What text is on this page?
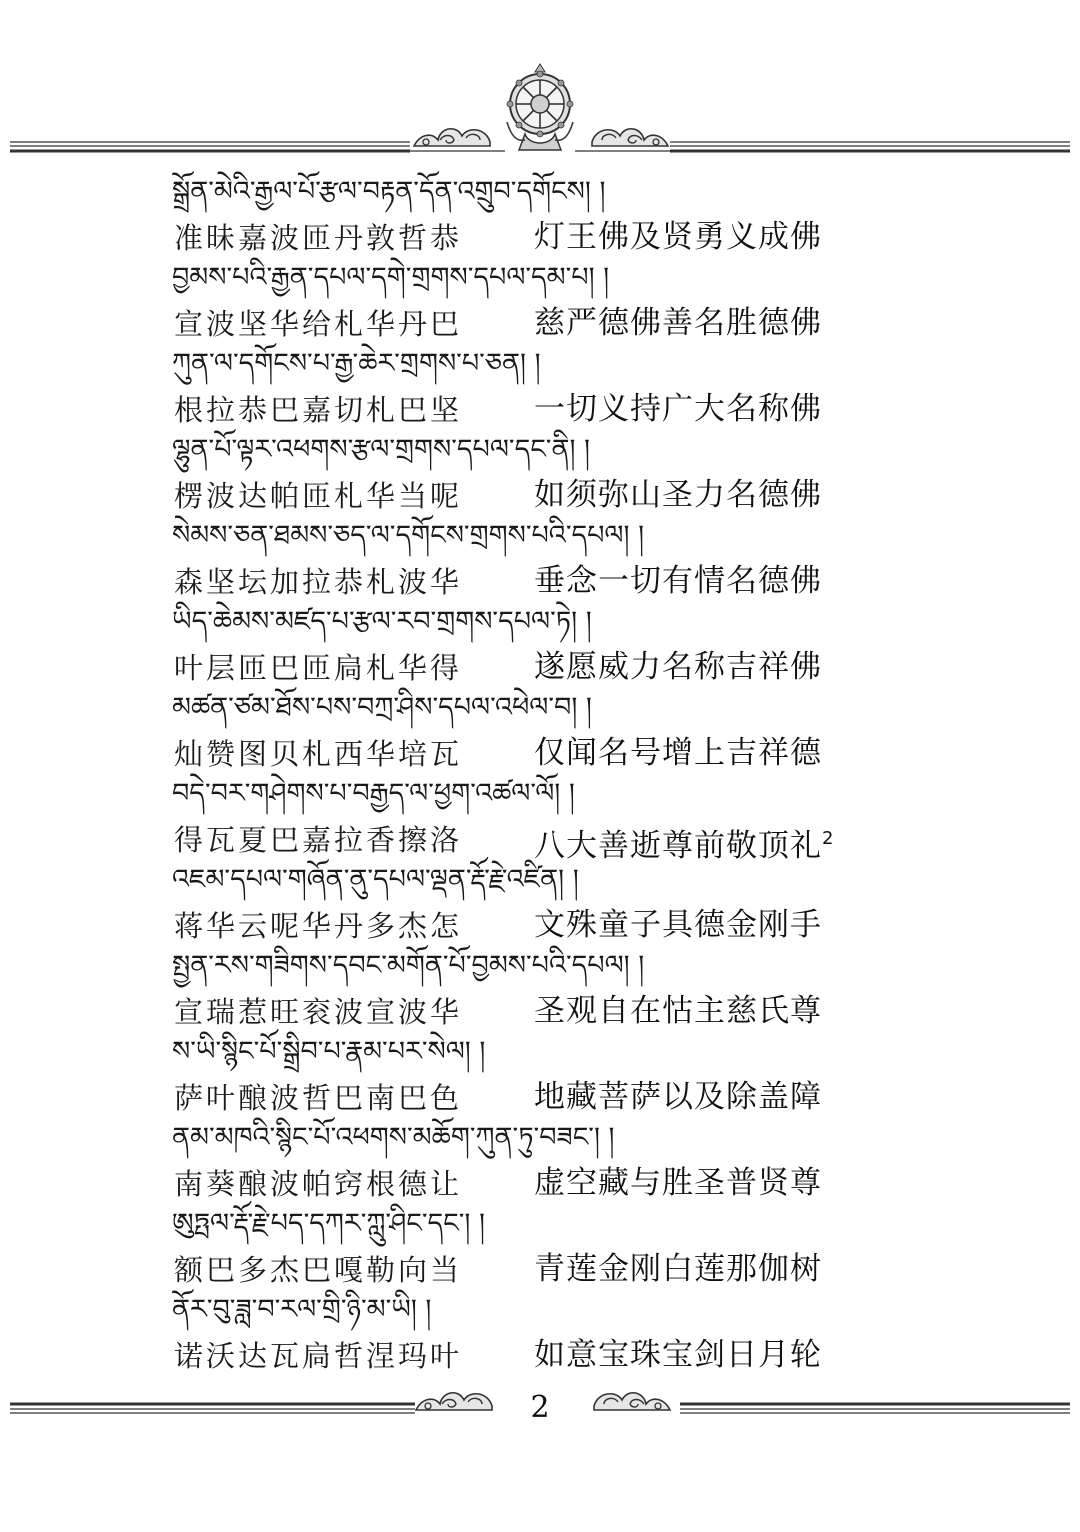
སྒྲོན་མེའི་རྒྱལ་པོ་རྩལ་བརྟན་དོན་འགྲུབ་དགོངས། །
准昧嘉波匝丹敦哲恭 灯王佛及贤勇义成佛
བྱམས་པའི་རྒྱན་དཔལ་དགེ་གྲགས་དཔལ་དམ་པ། །
宣波坚华给札华丹巴 慈严德佛善名胜德佛
ཀུན་ལ་དགོངས་པ་རྒྱ་ཆེར་གྲགས་པ་ཅན། །
根拉恭巴嘉切札巴坚 一切义持广大名称佛
ལྷུན་པོ་ལྟར་འཕགས་རྩལ་གྲགས་དཔལ་དང་ནི། །
楞波达帕匝札华当呢 如须弥山圣力名德佛
སེམས་ཅན་ཐམས་ཅད་ལ་དགོངས་གྲགས་པའི་དཔལ། །
森坚坛加拉恭札波华 垂念一切有情名德佛
ཡིད་ཆེམས་མཛད་པ་རྩལ་རབ་གྲགས་དཔལ་ཏེ། །
叶层匝巴匝扃札华得 遂愿威力名称吉祥佛
མཚན་ཙམ་ཐོས་པས་བཀྲ་ཤིས་དཔལ་འཕེལ་བ། །
灿赞图贝札西华培瓦 仅闻名号增上吉祥德
བདེ་བར་གཤེགས་པ་བརྒྱད་ལ་ཕྱག་འཚལ་ལོ། །
得瓦夏巴嘉拉香擦洛 八大善逝尊前敬顶礼$^2$
འཇམ་དཔལ་གཞོན་ནུ་དཔལ་ལྡན་རྡོ་རྗེ་འཛིན། །
蒋华云呢华丹多杰怎 文殊童子具德金刚手
སྤྱན་རས་གཟིགས་དབང་མགོན་པོ་བྱམས་པའི་དཔལ། །
宣瑞惹旺衮波宣波华 圣观自在怙主慈氏尊
ས་ཡི་སྙིང་པོ་སྒྲིབ་པ་རྣམ་པར་སེལ། །
萨叶酿波哲巴南巴色 地藏菩萨以及除盖障
ནམ་མཁའི་སྙིང་པོ་འཕགས་མཆོག་ཀུན་ཏུ་བཟང་། །
南葵酿波帕窍根德让 虚空藏与胜圣普贤尊
ཨུཏྤལ་རྡོ་རྗེ་པད་དཀར་ཀླུ་ཤིང་དང་། །
额巴多杰巴嘎勒向当 青莲金刚白莲那伽树
ནོར་བུ་ཟླ་བ་རལ་གྲི་ཉི་མ་ཡི། །
诺沃达瓦扃哲涅玛叶 如意宝珠宝剑日月轮
2
